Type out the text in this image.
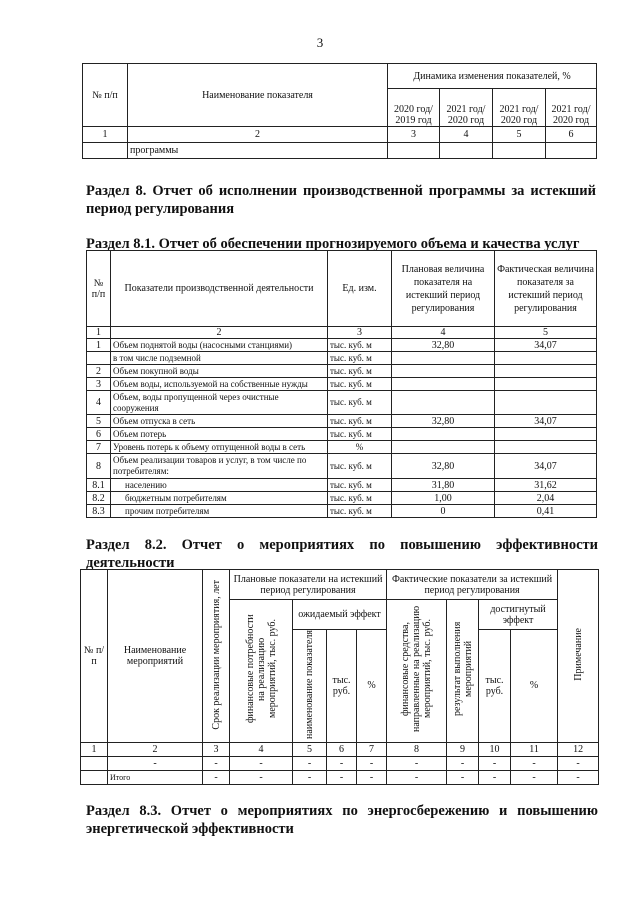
3
№ п/п	Наименование показателя	Динамика изменения показателей, %			
		2020 год/ 2019 год	2021 год/ 2020 год	2021 год/ 2020 год	2021 год/ 2020 год
1	2	3	4	5	6
	программы				
Раздел 8. Отчет об исполнении производственной программы за истекший
период регулирования
Раздел 8.1. Отчет об обеспечении прогнозируемого объема и качества услуг
№ п/п	Показатели производственной деятельности	Ед. изм.	Плановая величина показателя на истекший период регулирования	Фактическая величина показателя за истекший период регулирования
1	2	3	4	5
1	Объем поднятой воды (насосными станциями)	тыс. куб. м	32,80	34,07
	в том числе подземной	тыс. куб. м		
2	Объем покупной воды	тыс. куб. м		
3	Объем воды, используемой на собственные нужды	тыс. куб. м		
4	Объем, воды пропущенной через очистные сооружения	тыс. куб. м		
5	Объем отпуска в сеть	тыс. куб. м	32,80	34,07
6	Объем потерь	тыс. куб. м		
7	Уровень потерь к объему отпущенной воды в сеть	%		
8	Объем реализации товаров и услуг, в том числе по потребителям:	тыс. куб. м	32,80	34,07
8.1	населению	тыс. куб. м	31,80	31,62
8.2	бюджетным потребителям	тыс. куб. м	1,00	2,04
8.3	прочим потребителям	тыс. куб. м	0	0,41
Раздел 8.2. Отчет о мероприятиях по повышению эффективности
деятельности
№ п/п	Наименование мероприятий	Срок реализации мероприятия, лет	Плановые показатели на истекший период регулирования				Фактические показатели за истекший период регулирования				Примечание
			финансовые потребности на реализацию мероприятий, тыс. руб.	ожидаемый эффект			финансовые средства, направленные на реализацию мероприятий, тыс. руб.	результат выполнения мероприятий	достигнутый эффект		
				наименование показателя	тыс. руб.	%			тыс. руб.	%	
1	2	3	4	5	6	7	8	9	10	11	12
	-	-	-	-	-	-	-	-	-	-	-
	Итого	-	-	-	-	-	-	-	-	-	-
Раздел 8.3. Отчет о мероприятиях по энергосбережению и повышению
энергетической эффективности
